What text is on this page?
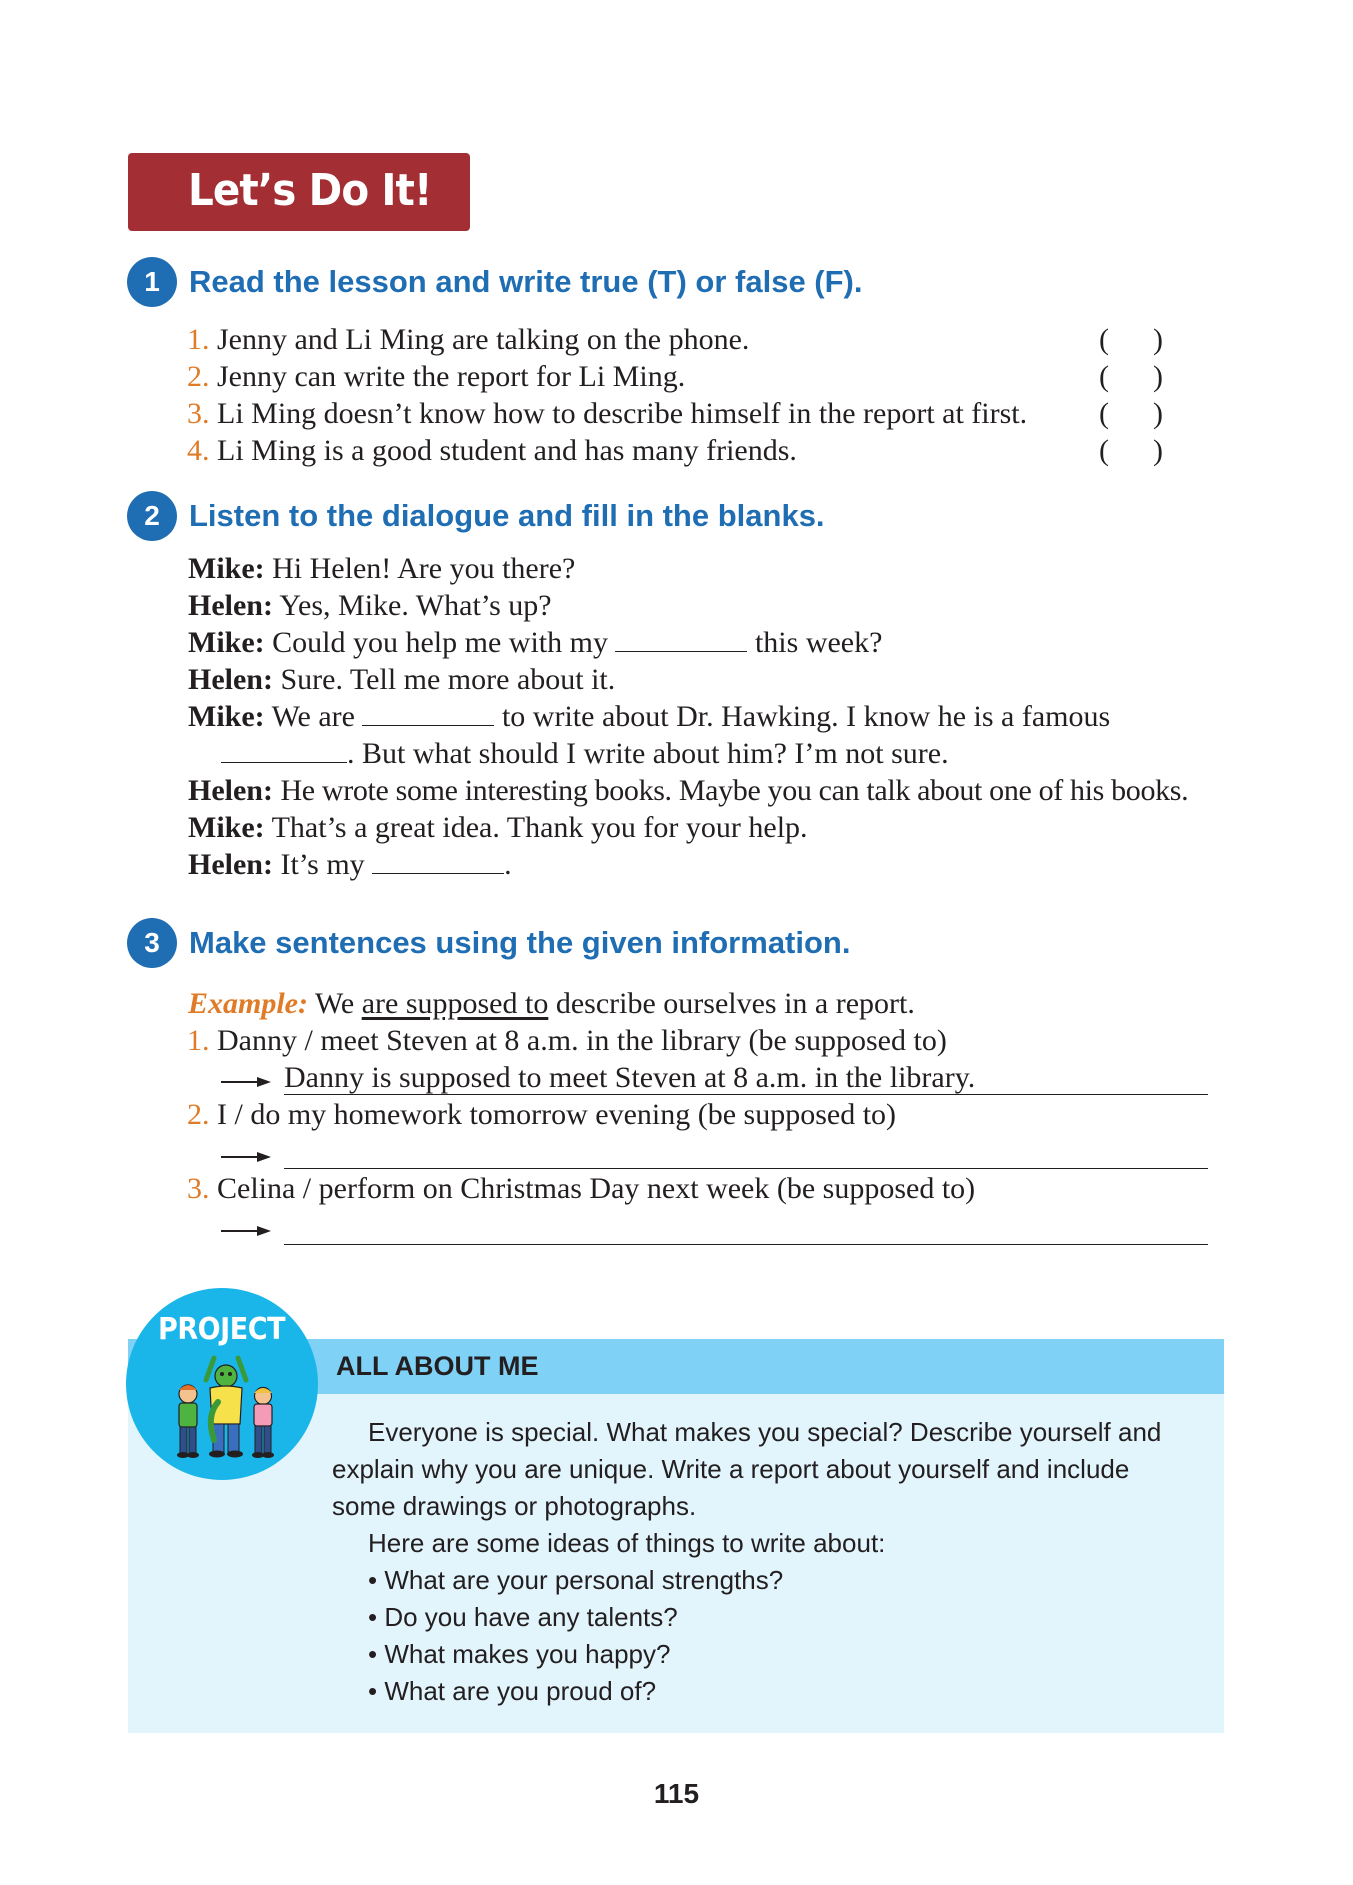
Let’s Do It!
1 Read the lesson and write true (T) or false (F).
1. Jenny and Li Ming are talking on the phone.	( )
2. Jenny can write the report for Li Ming.	( )
3. Li Ming doesn’t know how to describe himself in the report at first. ( )
4. Li Ming is a good student and has many friends.	( )
2 Listen to the dialogue and fill in the blanks.
Mike: Hi Helen! Are you there?
Helen: Yes, Mike. What’s up?
Mike: Could you help me with my	this week?
Helen: Sure. Tell me more about it.
Mike: We are	to write about Dr. Hawking. I know he is a famous
. But what should I write about him? I’m not sure.
Helen: He wrote some interesting books. Maybe you can talk about one of his books.
Mike: That’s a great idea. Thank you for your help.
Helen: It’s my	.
3 Make sentences using the given information.
Example: We are supposed to describe ourselves in a report.
1. Danny / meet Steven at 8 a.m. in the library (be supposed to)
Danny is supposed to meet Steven at 8 a.m. in the library.
2. I / do my homework tomorrow evening (be supposed to)
3. Celina / perform on Christmas Day next week (be supposed to)
ALL ABOUT ME
Everyone is special. What makes you special? Describe yourself and
explain why you are unique. Write a report about yourself and include
some drawings or photographs.
Here are some ideas of things to write about:
• What are your personal strengths?
• Do you have any talents?
• What makes you happy?
• What are you proud of?
PROJECT
115
